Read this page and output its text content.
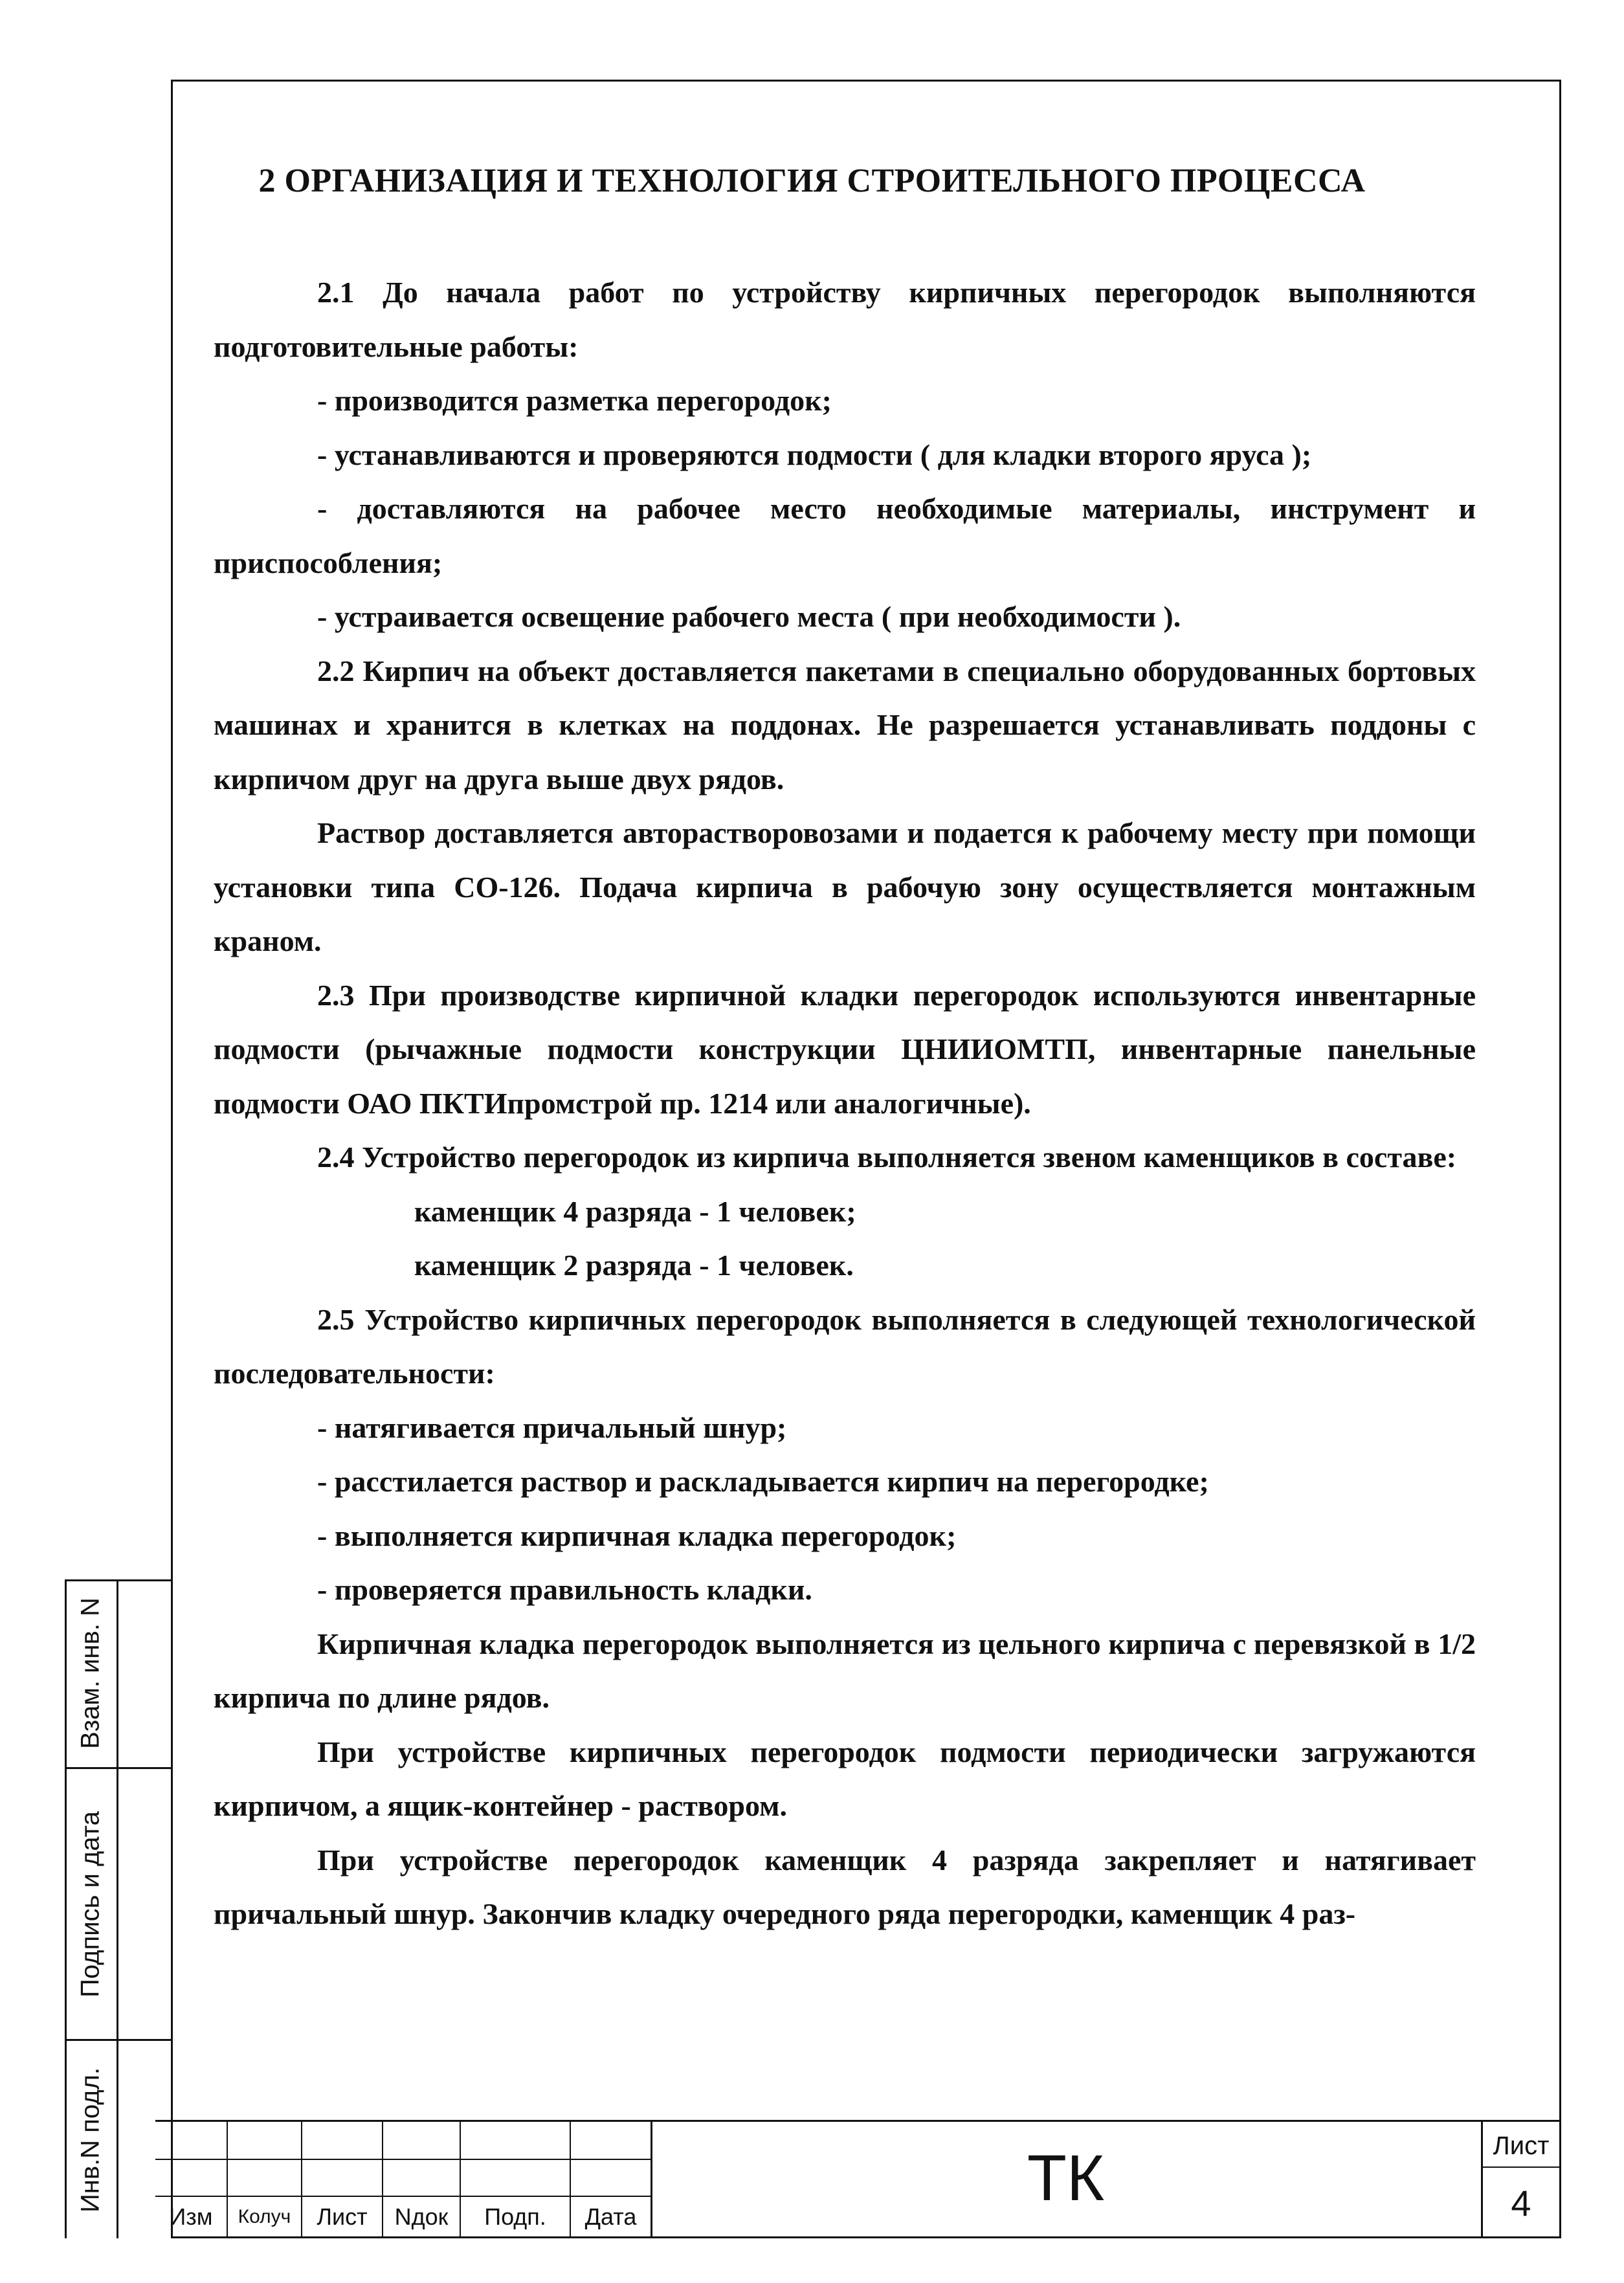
2 ОРГАНИЗАЦИЯ И ТЕХНОЛОГИЯ СТРОИТЕЛЬНОГО ПРОЦЕССА

2.1 До начала работ по устройству кирпичных перегородок выполняются подготовительные работы:

- производится разметка перегородок;

- устанавливаются и проверяются подмости ( для кладки второго яруса );

- доставляются на рабочее место необходимые материалы, инструмент и приспособления;

- устраивается освещение рабочего места ( при необходимости ).

2.2 Кирпич на объект доставляется пакетами в специально оборудованных бортовых машинах и хранится в клетках на поддонах. Не разрешается устанавливать поддоны с кирпичом друг на друга выше двух рядов.

Раствор доставляется авторастворовозами и подается к рабочему месту при помощи установки типа СО-126. Подача кирпича в рабочую зону осуществляется монтажным краном.

2.3 При производстве кирпичной кладки перегородок используются инвентарные подмости (рычажные подмости конструкции ЦНИИОМТП, инвентарные панельные подмости ОАО ПКТИпромстрой пр. 1214 или аналогичные).

2.4 Устройство перегородок из кирпича выполняется звеном каменщиков в составе:

каменщик 4 разряда - 1 человек;

каменщик 2 разряда - 1 человек.

2.5 Устройство кирпичных перегородок выполняется в следующей технологической последовательности:

- натягивается причальный шнур;

- расстилается раствор и раскладывается кирпич на перегородке;

- выполняется кирпичная кладка перегородок;

- проверяется правильность кладки.

Кирпичная кладка перегородок выполняется из цельного кирпича с перевязкой в 1/2 кирпича по длине рядов.

При устройстве кирпичных перегородок подмости периодически загружаются кирпичом, а ящик-контейнер - раствором.

При устройстве перегородок каменщик 4 разряда закрепляет и натягивает причальный шнур. Закончив кладку очередного ряда перегородки, каменщик 4 раз-

Взам. инв. N
Подпись и дата
Инв.N подл.
Изм	Колуч	Лист	Nдок	Подп.	Дата
ТК	Лист
4
